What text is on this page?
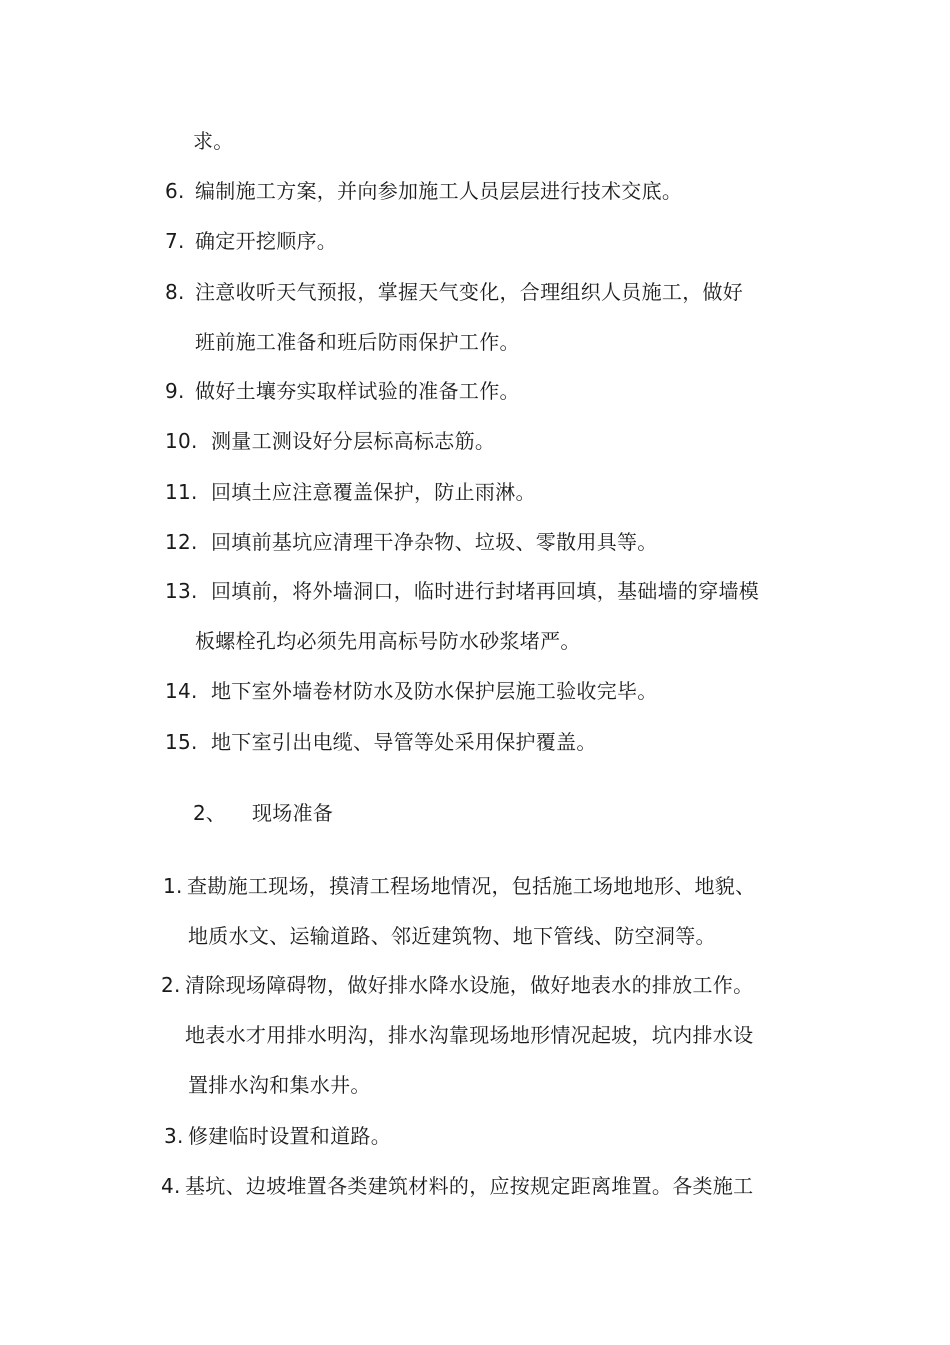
求。
6. 编制施工方案，并向参加施工人员层层进行技术交底。
7. 确定开挖顺序。
8. 注意收听天气预报，掌握天气变化，合理组织人员施工，做好
班前施工准备和班后防雨保护工作。
9. 做好土壤夯实取样试验的准备工作。
10. 测量工测设好分层标高标志筋。
11. 回填土应注意覆盖保护，防止雨淋。
12. 回填前基坑应清理干净杂物、垃圾、零散用具等。
13. 回填前，将外墙洞口，临时进行封堵再回填，基础墙的穿墙模
板螺栓孔均必须先用高标号防水砂浆堵严。
14. 地下室外墙卷材防水及防水保护层施工验收完毕。
15. 地下室引出电缆、导管等处采用保护覆盖。
2、 现场准备
1. 查勘施工现场，摸清工程场地情况，包括施工场地地形、地貌、
地质水文、运输道路、邻近建筑物、地下管线、防空洞等。
2. 清除现场障碍物，做好排水降水设施，做好地表水的排放工作。
地表水才用排水明沟，排水沟靠现场地形情况起坡，坑内排水设
置排水沟和集水井。
3. 修建临时设置和道路。
4. 基坑、边坡堆置各类建筑材料的，应按规定距离堆置。各类施工
